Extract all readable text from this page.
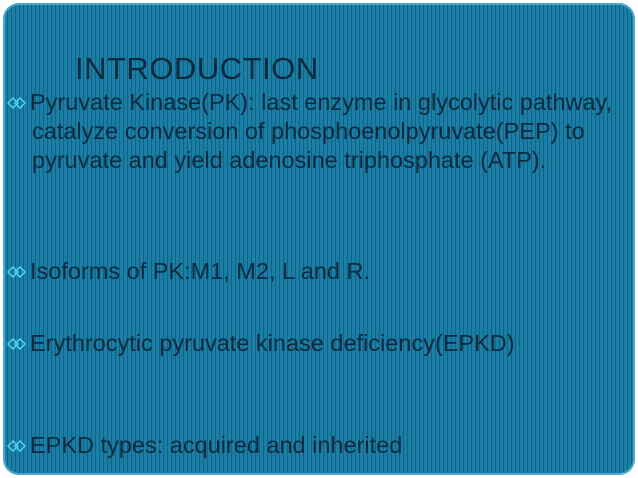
INTRODUCTION
Pyruvate Kinase(PK): last enzyme in glycolytic pathway, catalyze conversion of phosphoenolpyruvate(PEP) to pyruvate and yield adenosine triphosphate (ATP).
Isoforms of PK:M1, M2, L and R.
Erythrocytic pyruvate kinase deficiency(EPKD)
EPKD types: acquired and inherited
